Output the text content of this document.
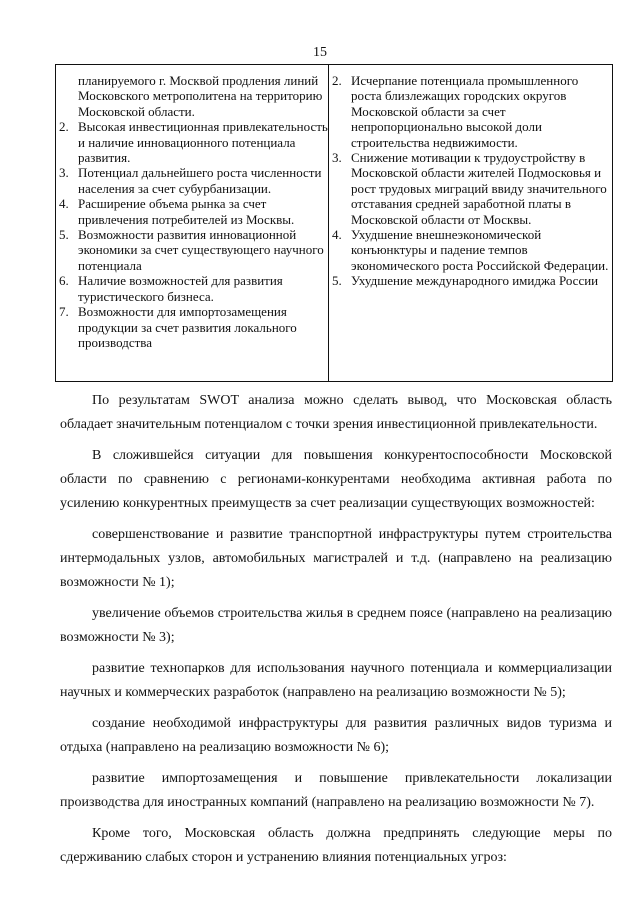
15
планируемого г. Москвой продления линий Московского метрополитена на территорию Московской области.
2. Высокая инвестиционная привлекательность и наличие инновационного потенциала развития.
3. Потенциал дальнейшего роста численности населения за счет субурбанизации.
4. Расширение объема рынка за счет привлечения потребителей из Москвы.
5. Возможности развития инновационной экономики за счет существующего научного потенциала
6. Наличие возможностей для развития туристического бизнеса.
7. Возможности для импортозамещения продукции за счет развития локального производства

2. Исчерпание потенциала промышленного роста близлежащих городских округов Московской области за счет непропорционально высокой доли строительства недвижимости.
3. Снижение мотивации к трудоустройству в Московской области жителей Подмосковья и рост трудовых миграций ввиду значительного отставания средней заработной платы в Московской области от Москвы.
4. Ухудшение внешнеэкономической конъюнктуры и падение темпов экономического роста Российской Федерации.
5. Ухудшение международного имиджа России

По результатам SWOT анализа можно сделать вывод, что Московская область обладает значительным потенциалом с точки зрения инвестиционной привлекательности.

В сложившейся ситуации для повышения конкурентоспособности Московской области по сравнению с регионами-конкурентами необходима активная работа по усилению конкурентных преимуществ за счет реализации существующих возможностей:

совершенствование и развитие транспортной инфраструктуры путем строительства интермодальных узлов, автомобильных магистралей и т.д. (направлено на реализацию возможности № 1);

увеличение объемов строительства жилья в среднем поясе (направлено на реализацию возможности № 3);

развитие технопарков для использования научного потенциала и коммерциализации научных и коммерческих разработок (направлено на реализацию возможности № 5);

создание необходимой инфраструктуры для развития различных видов туризма и отдыха (направлено на реализацию возможности № 6);

развитие импортозамещения и повышение привлекательности локализации производства для иностранных компаний (направлено на реализацию возможности № 7).

Кроме того, Московская область должна предпринять следующие меры по сдерживанию слабых сторон и устранению влияния потенциальных угроз:
